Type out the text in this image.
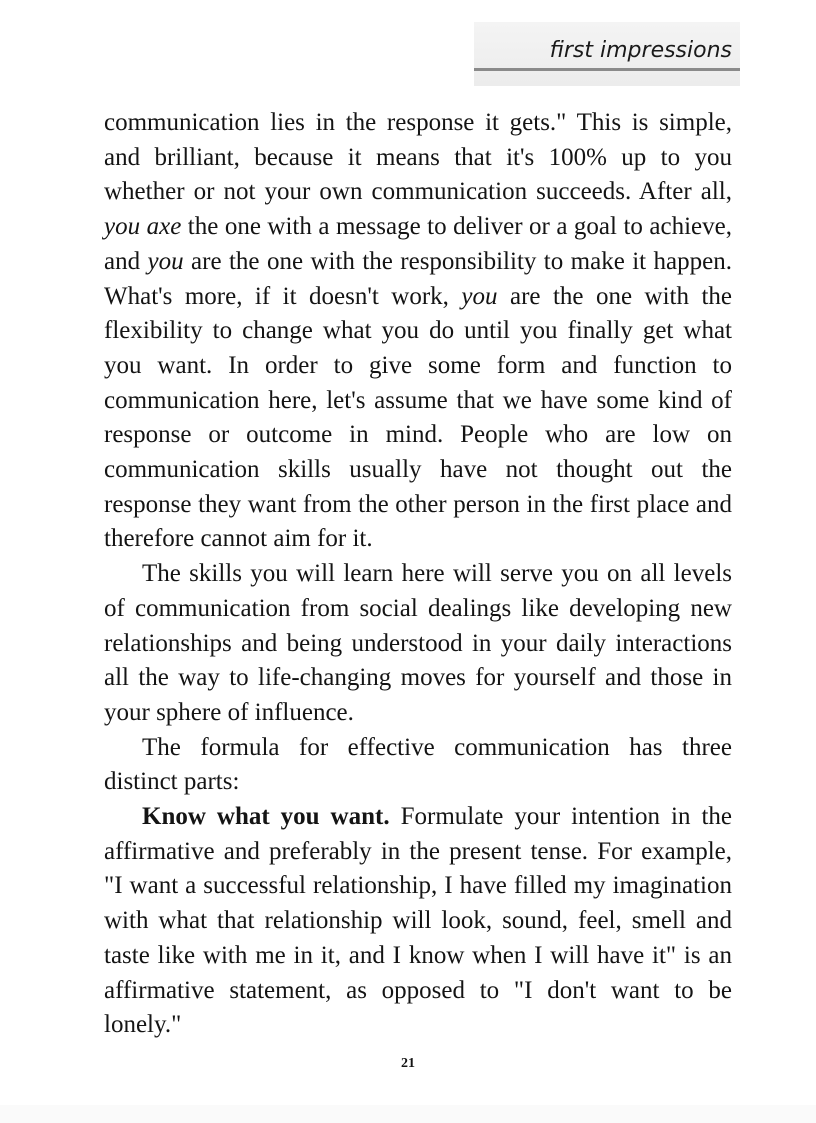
first impressions

communication lies in the response it gets." This is simple, and brilliant, because it means that it's 100% up to you whether or not your own communication succeeds. After all, you axe the one with a message to deliver or a goal to achieve, and you are the one with the responsibility to make it happen. What's more, if it doesn't work, you are the one with the flexibility to change what you do until you finally get what you want. In order to give some form and function to communication here, let's assume that we have some kind of response or outcome in mind. People who are low on communication skills usually have not thought out the response they want from the other person in the first place and therefore cannot aim for it.

The skills you will learn here will serve you on all levels of communication from social dealings like developing new relationships and being understood in your daily interactions all the way to life-changing moves for yourself and those in your sphere of influence.

The formula for effective communication has three distinct parts:

Know what you want. Formulate your intention in the affirmative and preferably in the present tense. For example, "I want a successful relationship, I have filled my imagination with what that relationship will look, sound, feel, smell and taste like with me in it, and I know when I will have it" is an affirmative statement, as opposed to "I don't want to be lonely."

21
